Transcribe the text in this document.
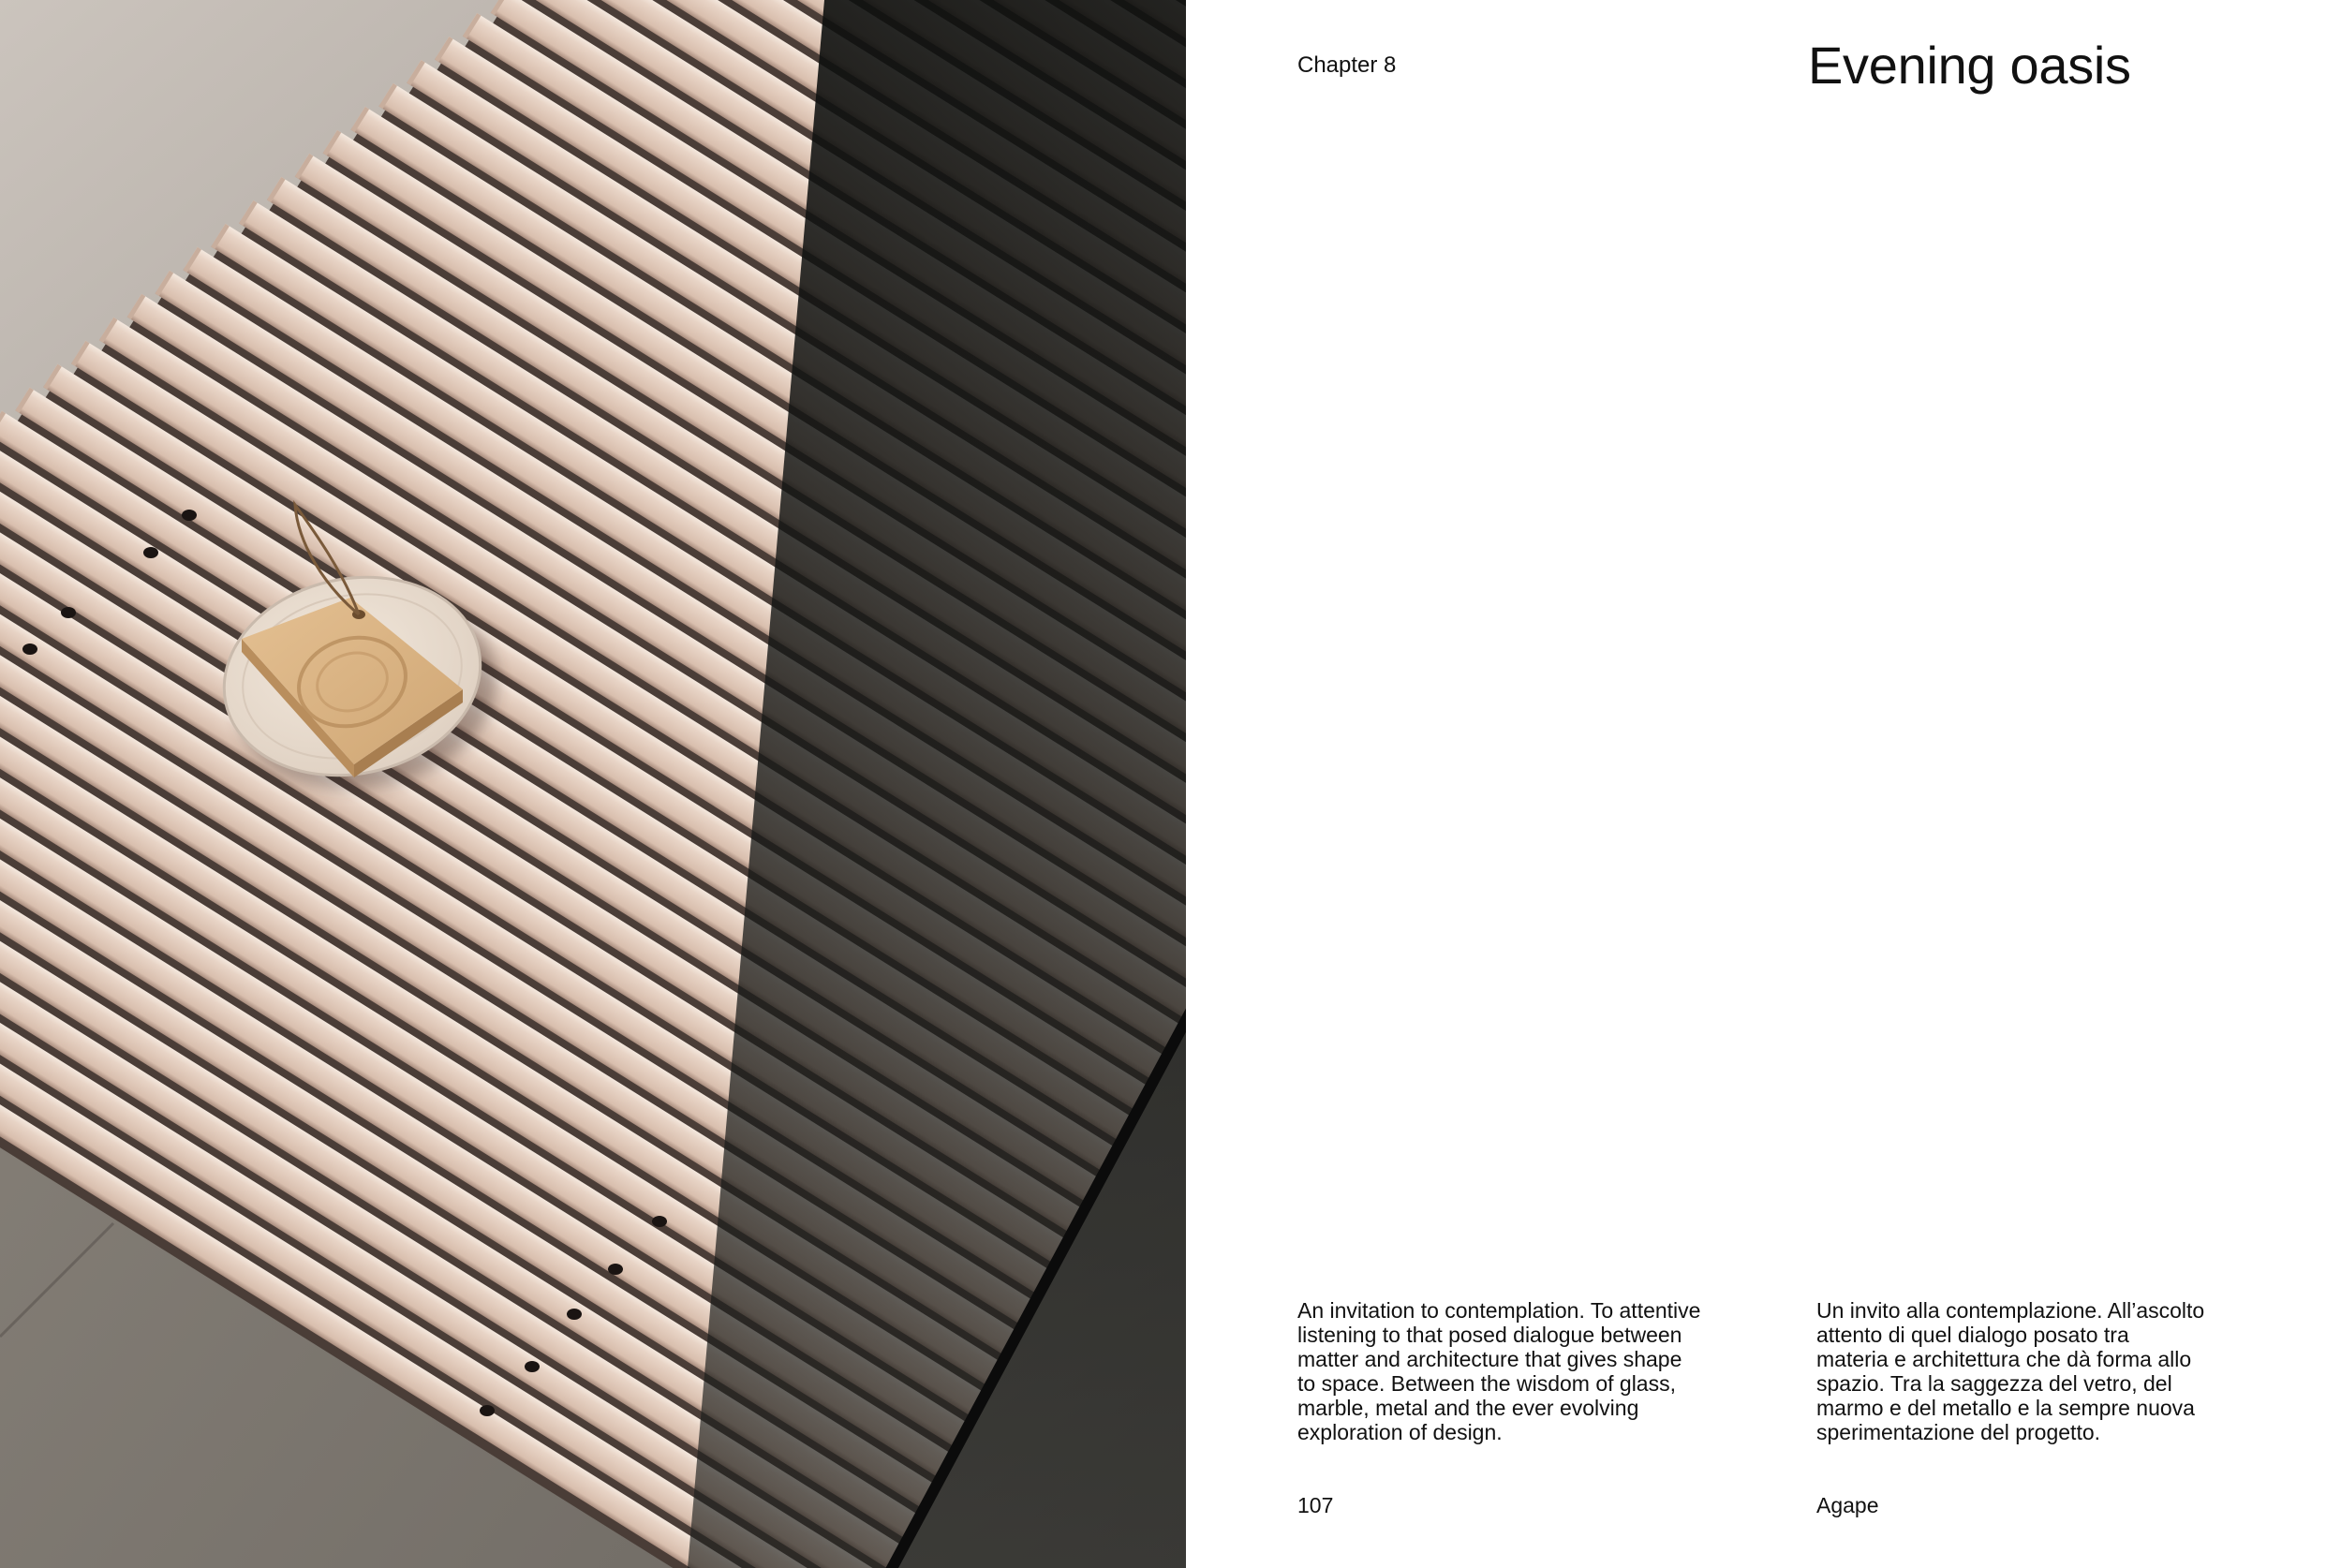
Chapter 8	Evening oasis
An invitation to contemplation. To attentive
listening to that posed dialogue between
matter and architecture that gives shape
to space. Between the wisdom of glass,
marble, metal and the ever evolving
exploration of design.
Un invito alla contemplazione. All’ascolto
attento di quel dialogo posato tra
materia e architettura che dà forma allo
spazio. Tra la saggezza del vetro, del
marmo e del metallo e la sempre nuova
sperimentazione del progetto.
107	Agape
